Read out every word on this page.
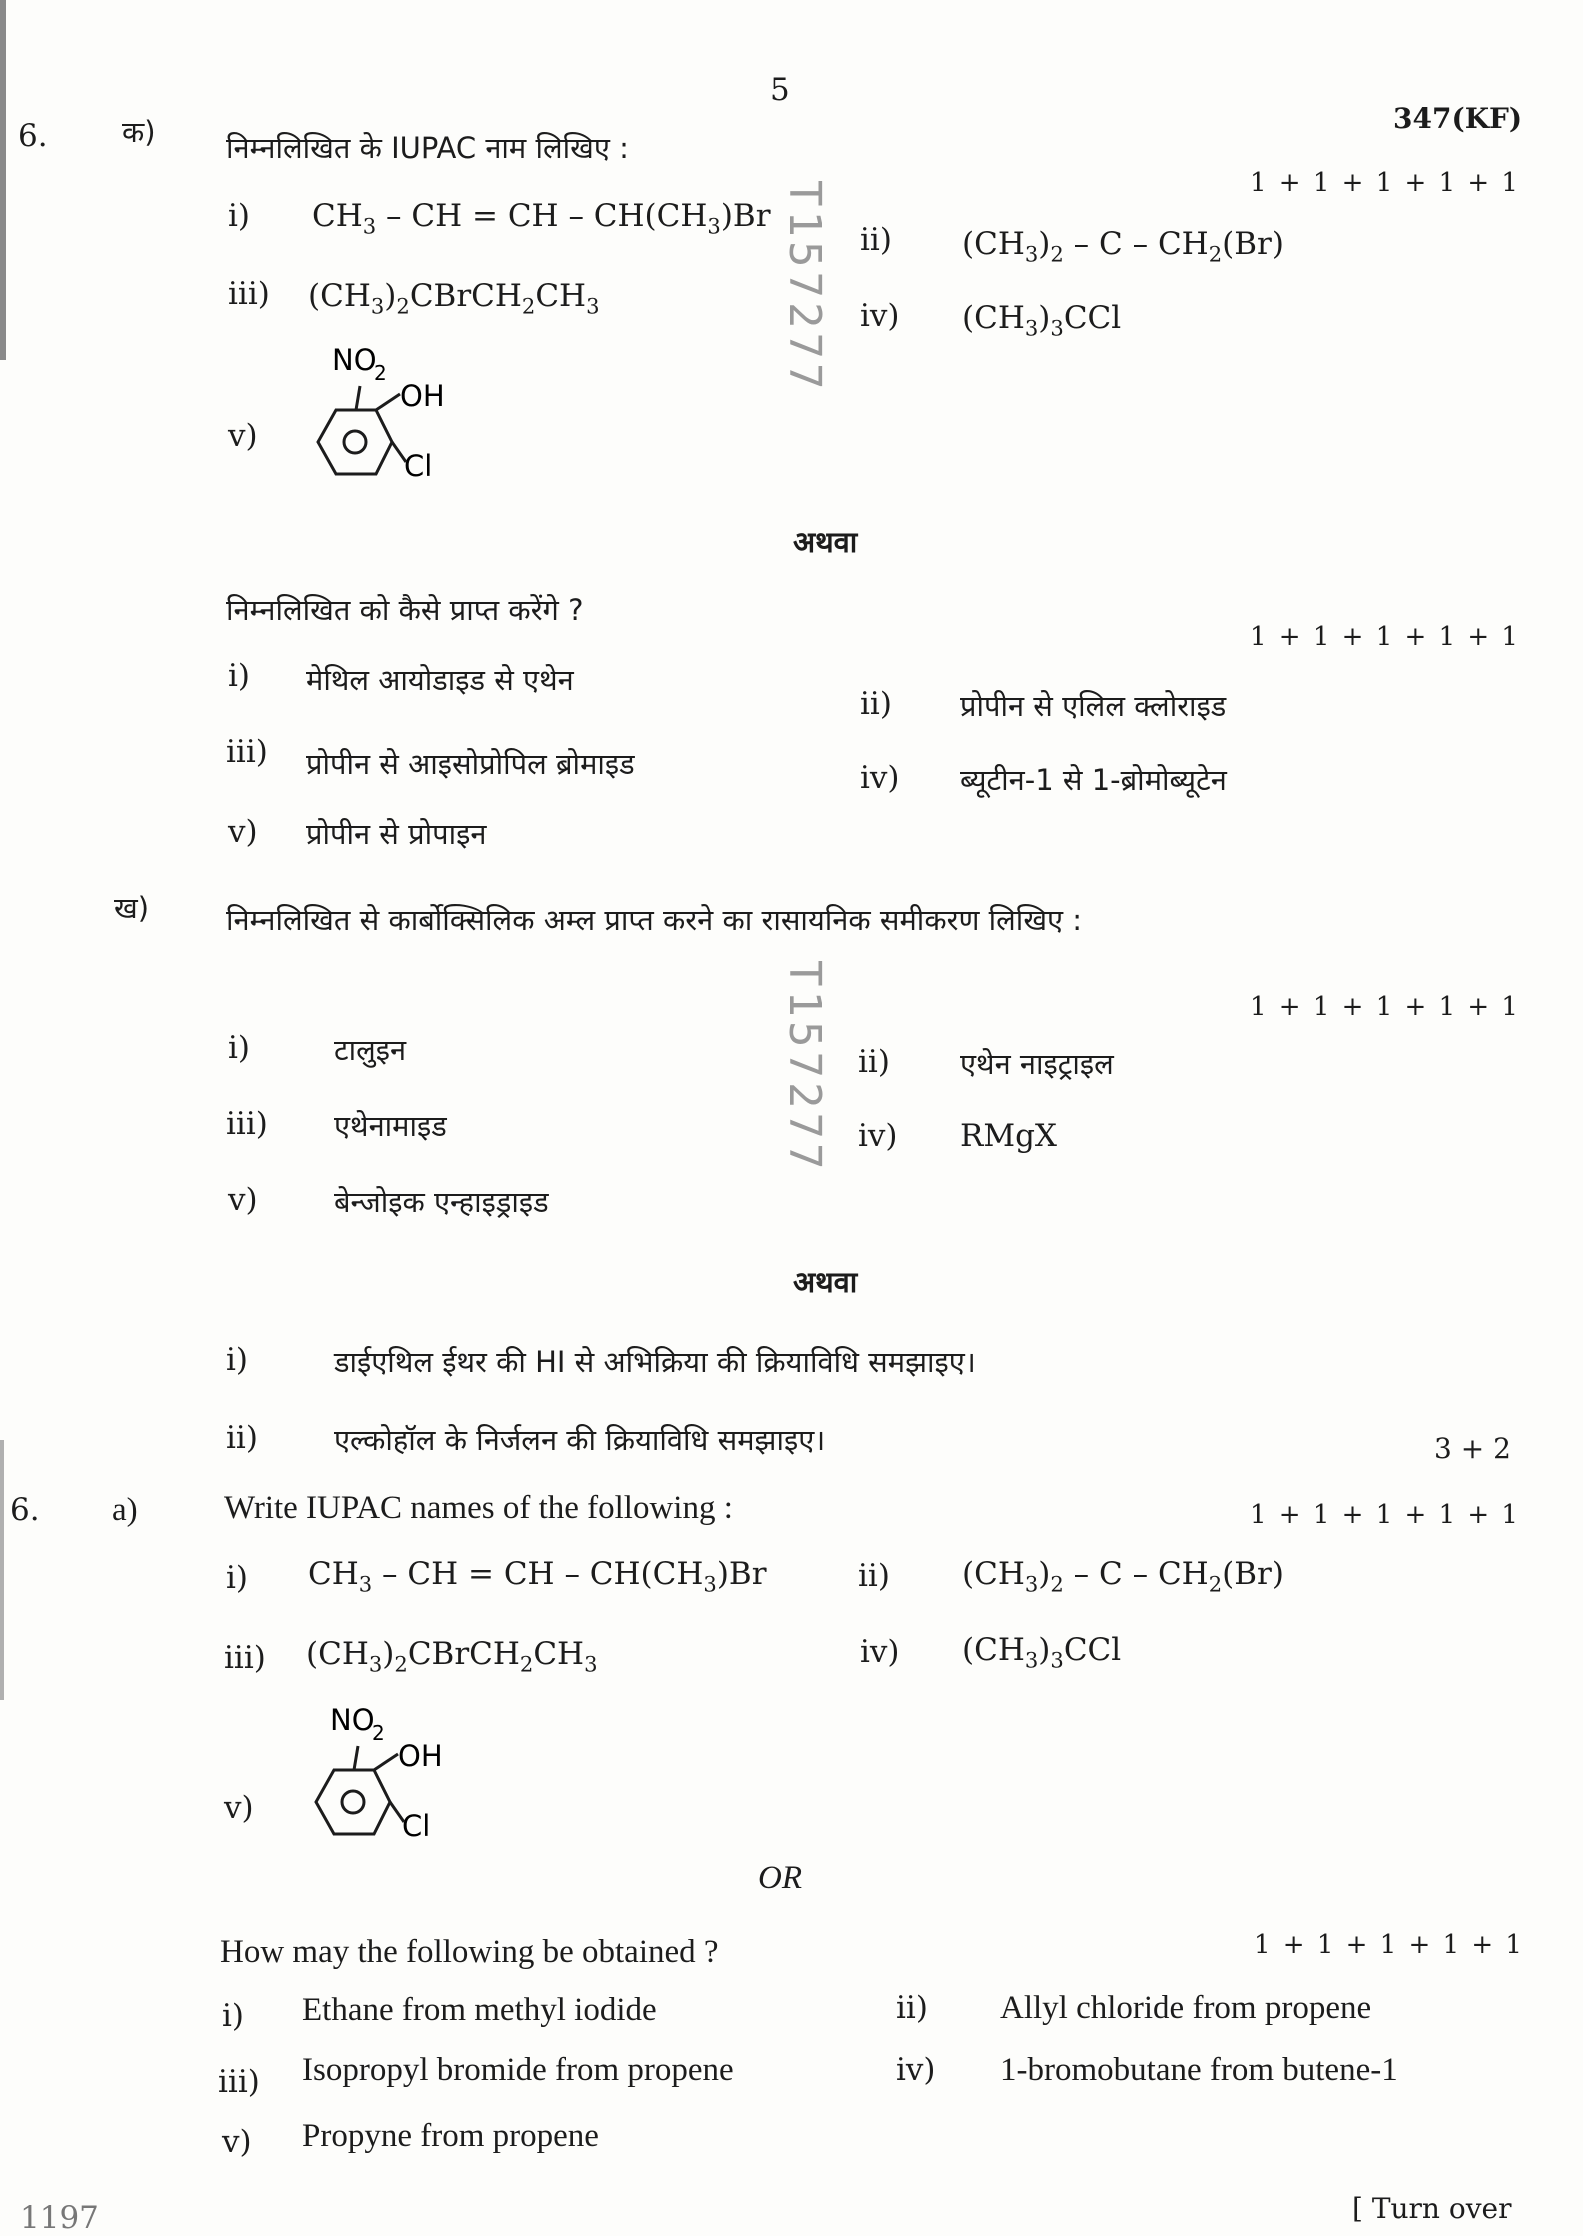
5
347(KF)
6.	क) निम्नलिखित के IUPAC नाम लिखिए :
1 + 1 + 1 + 1 + 1
i) $CH_3$ – CH = CH – $CH(CH_3)Br$
ii) $(CH_3)_2$ – C – $CH_2(Br)$
iii) $(CH_3)_2CBrCH_2CH_3$	iv) $(CH_3)_3CCl$
v)
NO
2
OH
Cl
अथवा
निम्नलिखित को कैसे प्राप्त करेंगे ?
1 + 1 + 1 + 1 + 1
i) मेथिल आयोडाइड से एथेन
ii) प्रोपीन से एलिल क्लोराइड
iii) प्रोपीन से आइसोप्रोपिल ब्रोमाइड	iv) ब्यूटीन-1 से 1-ब्रोमोब्यूटेन
v) प्रोपीन से प्रोपाइन
ख)	निम्नलिखित से कार्बोक्सिलिक अम्ल प्राप्त करने का रासायनिक समीकरण लिखिए :
1 + 1 + 1 + 1 + 1
i)	टालुइन	ii) एथेन नाइट्राइल
iii) एथेनामाइड	iv) RMgX
v)	बेन्जोइक एन्हाइड्राइड
अथवा
i)	डाईएथिल ईथर की HI से अभिक्रिया की क्रियाविधि समझाइए।
ii)	एल्कोहॉल के निर्जलन की क्रियाविधि समझाइए।	3 + 2
6. a)	Write IUPAC names of the following :	1 + 1 + 1 + 1 + 1
i) $CH_3$ – CH = CH – $CH(CH_3)Br$	ii) $(CH_3)_2$ – C – $CH_2(Br)$
iii) $(CH_3)_2CBrCH_2CH_3$	iv) $(CH_3)_3CCl$
v)
NO
2
OH
Cl
OR
How may the following be obtained ?	1 + 1 + 1 + 1 + 1
i) Ethane from methyl iodide	ii) Allyl chloride from propene
iii) Isopropyl bromide from propene	iv) 1-bromobutane from butene-1
v) Propyne from propene
1197	[ Turn over
T157277
T157277
